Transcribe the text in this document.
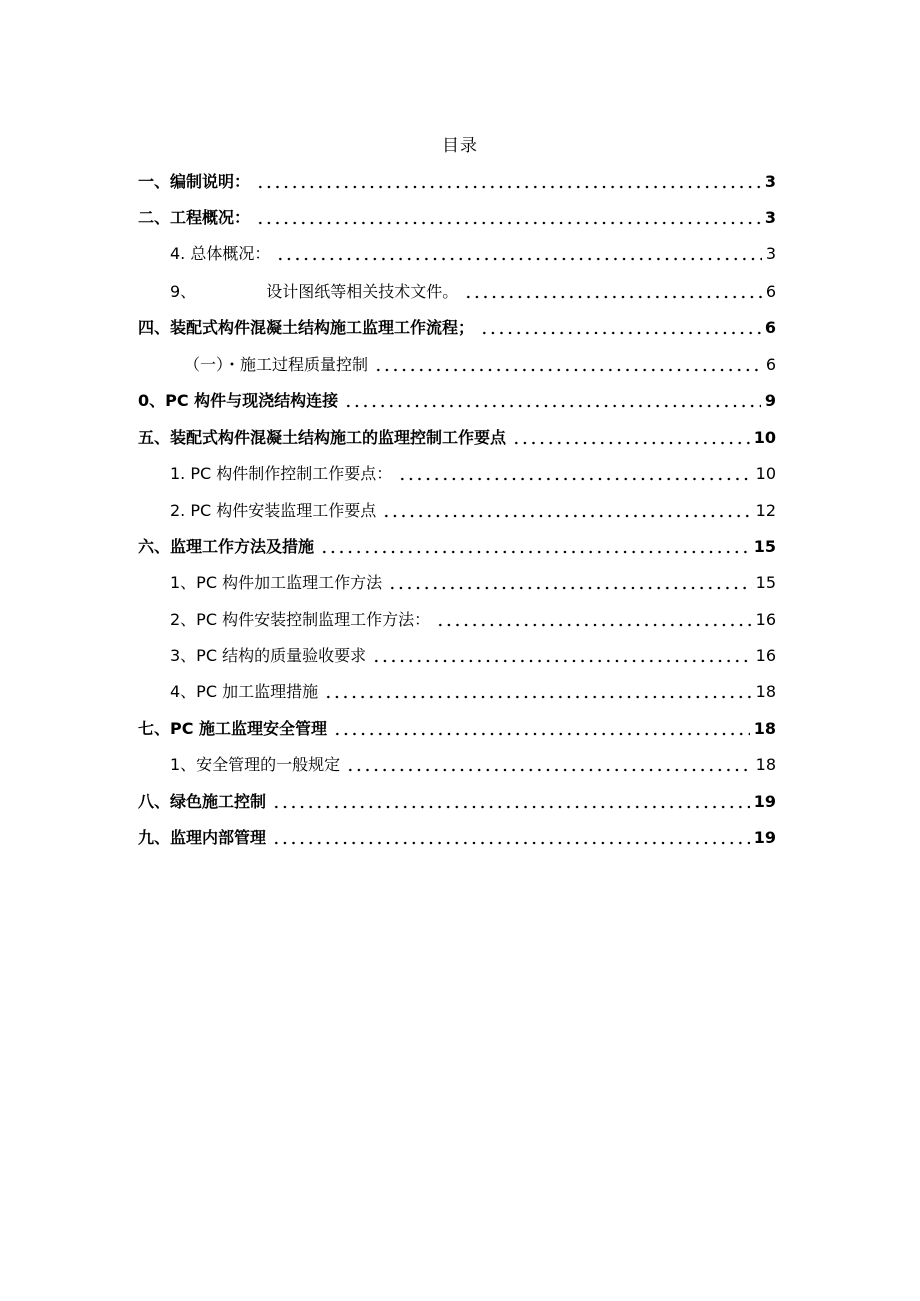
目录
一、编制说明：	3
二、工程概况：	3
4. 总体概况：	3
9、	设计图纸等相关技术文件。	6
四、装配式构件混凝土结构施工监理工作流程；	6
（一）・施工过程质量控制	6
0、PC 构件与现浇结构连接	9
五、装配式构件混凝土结构施工的监理控制工作要点	10
1. PC 构件制作控制工作要点：	10
2. PC 构件安装监理工作要点	12
六、监理工作方法及措施	15
1、PC 构件加工监理工作方法	15
2、PC 构件安装控制监理工作方法：	16
3、PC 结构的质量验收要求	16
4、PC 加工监理措施	18
七、PC 施工监理安全管理	18
1、安全管理的一般规定	18
八、绿色施工控制	19
九、监理内部管理	19
